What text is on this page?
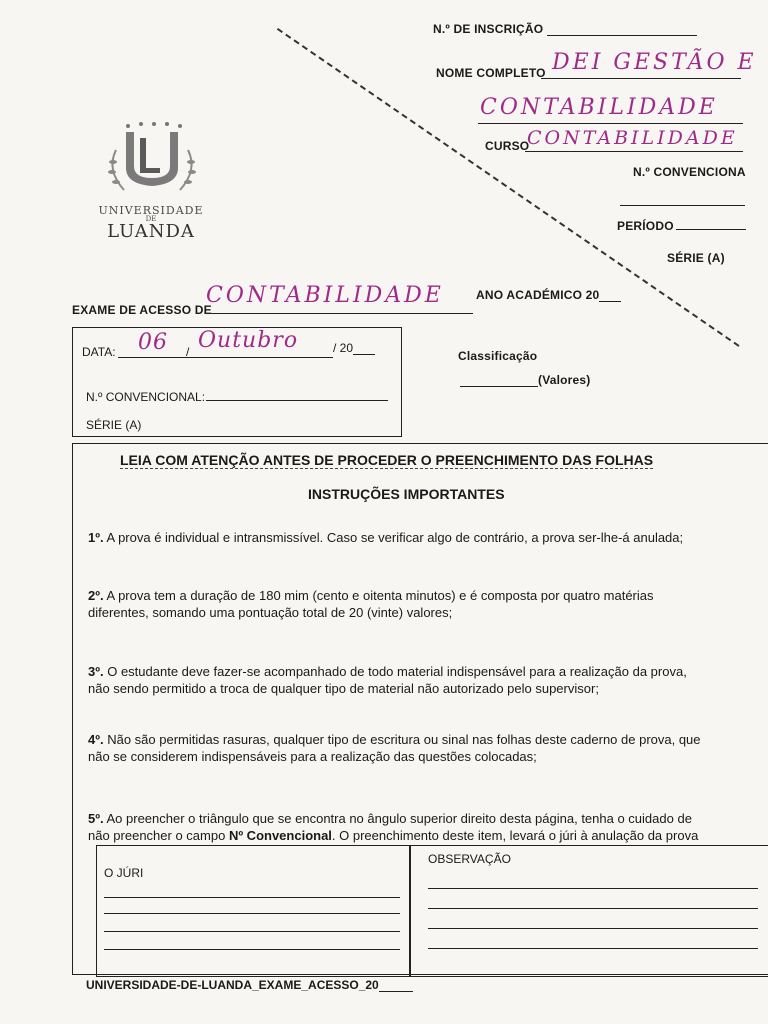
N.º DE INSCRIÇÃO
NOME COMPLETO DEI GESTÃO E
CONTABILIDADE
CURSO
CONTABILIDADE
N.º CONVENCIONA
PERÍODO
SÉRIE (A)
UNIVERSIDADE
DE
LUANDA
EXAME DE ACESSO DE
CONTABILIDADE	ANO ACADÉMICO 20
DATA: 06 / Outubro	/ 20
N.º CONVENCIONAL:
SÉRIE (A)
Classificação
(Valores)
LEIA COM ATENÇÃO ANTES DE PROCEDER O PREENCHIMENTO DAS FOLHAS
INSTRUÇÕES IMPORTANTES
1º. A prova é individual e intransmissível. Caso se verificar algo de contrário, a prova ser-lhe-á anulada;
2º. A prova tem a duração de 180 mim (cento e oitenta minutos) e é composta por quatro matérias
diferentes, somando uma pontuação total de 20 (vinte) valores;
3º. O estudante deve fazer-se acompanhado de todo material indispensável para a realização da prova,
não sendo permitido a troca de qualquer tipo de material não autorizado pelo supervisor;
4º. Não são permitidas rasuras, qualquer tipo de escritura ou sinal nas folhas deste caderno de prova, que
não se considerem indispensáveis para a realização das questões colocadas;
5º. Ao preencher o triângulo que se encontra no ângulo superior direito desta página, tenha o cuidado de
não preencher o campo Nº Convencional. O preenchimento deste item, levará o júri à anulação da prova
O JÚRI
OBSERVAÇÃO
UNIVERSIDADE-DE-LUANDA_EXAME_ACESSO_20
